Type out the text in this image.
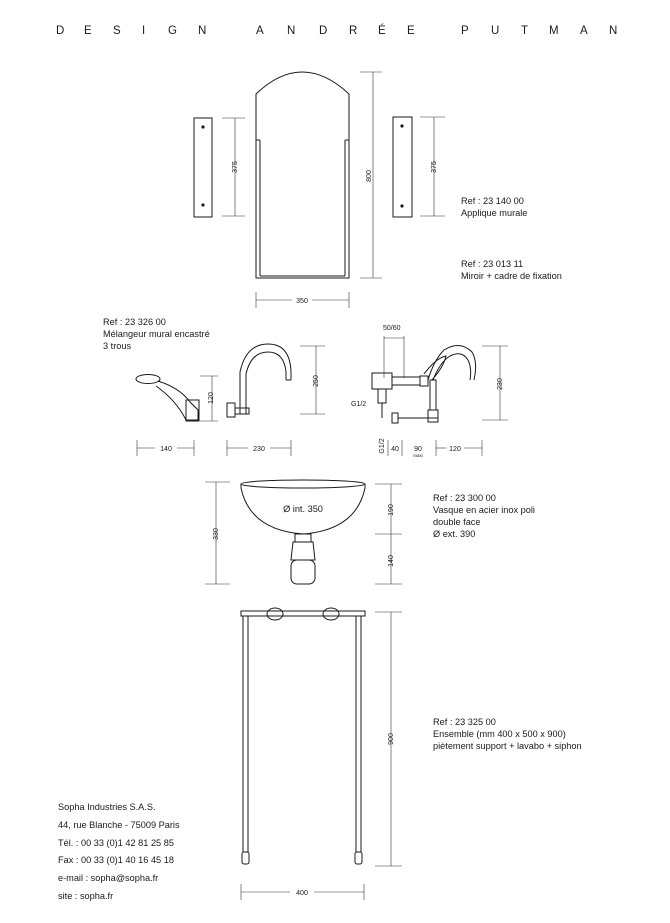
D E S I G N	A N D R É E	P U T M A N
375
800
350
375
Ref : 23 140 00
Applique murale
Ref : 23 013 11
Miroir + cadre de fixation
Ref : 23 326 00
Mélangeur mural encastré
3 trous
120
140
250
230
50/60
G1/2
G1/2 40 90
maxi
120
230
Ø int. 350
330
190
140
Ref : 23 300 00
Vasque en acier inox poli
double face
Ø ext. 390
900
400
Ref : 23 325 00
Ensemble (mm 400 x 500 x 900)
piètement support + lavabo + siphon
Sopha Industries S.A.S.
44, rue Blanche - 75009 Paris
Tél. : 00 33 (0)1 42 81 25 85
Fax : 00 33 (0)1 40 16 45 18
e-mail : sopha@sopha.fr
site : sopha.fr
